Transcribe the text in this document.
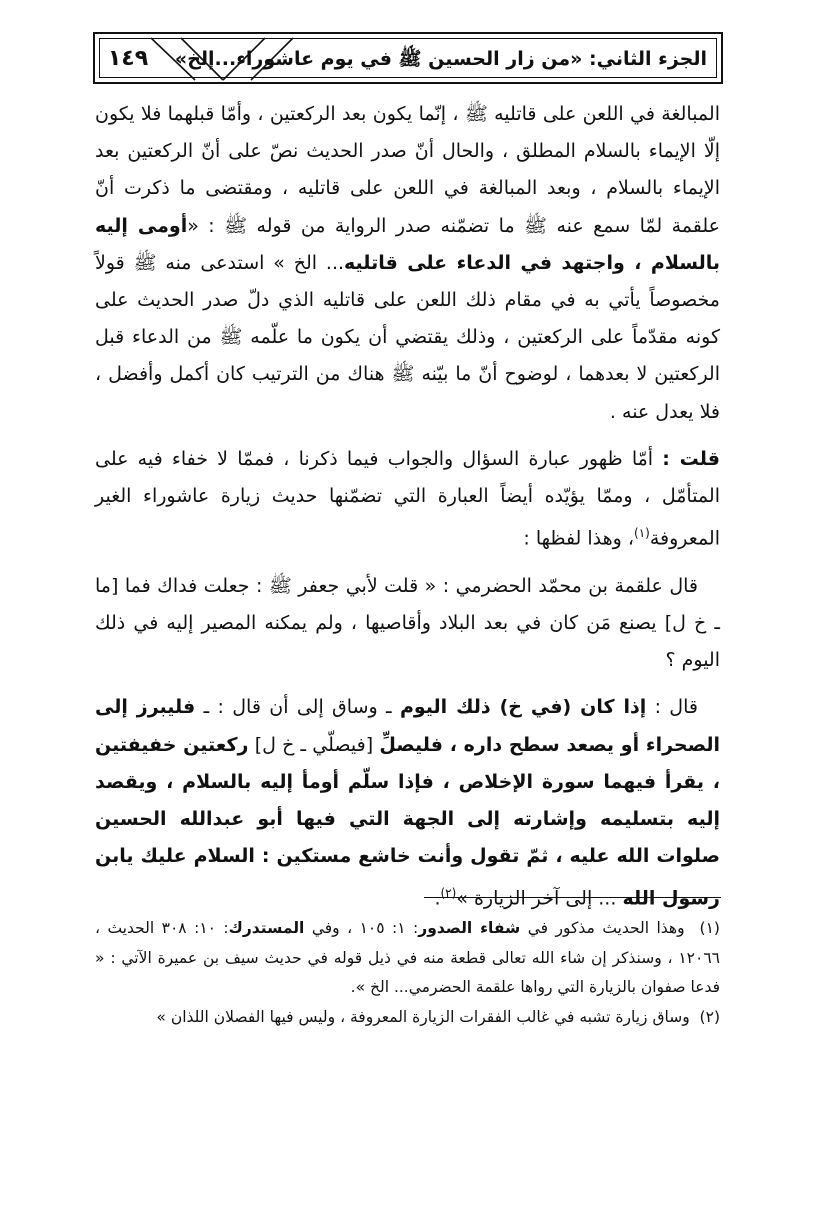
١٤٩	الجزء الثاني: «من زار الحسين ﷺ في يوم عاشوراء...إلخ»

المبالغة في اللعن على قاتليه ﷺ ، إنّما يكون بعد الركعتين ، وأمّا قبلهما فلا يكون إلّا الإيماء بالسلام المطلق ، والحال أنّ صدر الحديث نصّ على أنّ الركعتين بعد الإيماء بالسلام ، وبعد المبالغة في اللعن على قاتليه ، ومقتضى ما ذكرت أنّ علقمة لمّا سمع عنه ﷺ ما تضمّنه صدر الرواية من قوله ﷺ : «أومى إليه بالسلام ، واجتهد في الدعاء على قاتليه... الخ » استدعى منه ﷺ قولاً مخصوصاً يأتي به في مقام ذلك اللعن على قاتليه الذي دلّ صدر الحديث على كونه مقدّماً على الركعتين ، وذلك يقتضي أن يكون ما علّمه ﷺ من الدعاء قبل الركعتين لا بعدهما ، لوضوح أنّ ما بيّنه ﷺ هناك من الترتيب كان أكمل وأفضل ، فلا يعدل عنه .

قلت : أمّا ظهور عبارة السؤال والجواب فيما ذكرنا ، فممّا لا خفاء فيه على المتأمّل ، وممّا يؤيّده أيضاً العبارة التي تضمّنها حديث زيارة عاشوراء الغير المعروفة$^{(١)}$، وهذا لفظها :

قال علقمة بن محمّد الحضرمي : « قلت لأبي جعفر ﷺ : جعلت فداك فما [ما ـ خ ل] يصنع مَن كان في بعد البلاد وأقاصيها ، ولم يمكنه المصير إليه في ذلك اليوم ؟

قال : إذا كان (في خ) ذلك اليوم ـ وساق إلى أن قال : ـ فليبرز إلى الصحراء أو يصعد سطح داره ، فليصلِّ [فيصلّي ـ خ ل] ركعتين خفيفتين ، يقرأ فيهما سورة الإخلاص ، فإذا سلّم أومأ إليه بالسلام ، ويقصد إليه بتسليمه وإشارته إلى الجهة التي فيها أبو عبدالله الحسين صلوات الله عليه ، ثمّ تقول وأنت خاشع مستكين : السلام عليك يابن رسول الله ... إلى آخر الزيارة »$^{(٢)}$.

(١)  وهذا الحديث مذكور في شفاء الصدور: ١: ١٠٥ ، وفي المستدرك: ١٠: ٣٠٨ الحديث ، ١٢٠٦٦ ، وسنذكر إن شاء الله تعالى قطعة منه في ذيل قوله في حديث سيف بن عميرة الآتي : « فدعا صفوان بالزيارة التي رواها علقمة الحضرمي... الخ ».

(٢)  وساق زيارة تشبه في غالب الفقرات الزيارة المعروفة ، وليس فيها الفصلان اللذان »
